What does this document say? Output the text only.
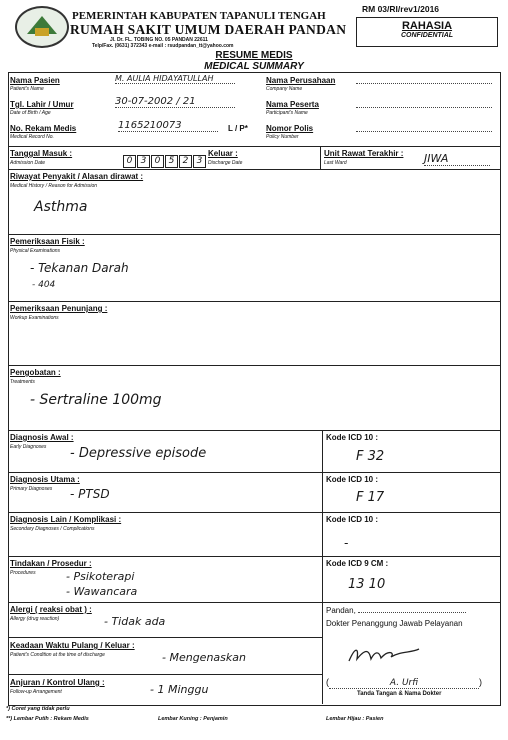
PEMERINTAH KABUPATEN TAPANULI TENGAH
RUMAH SAKIT UMUM DAERAH PANDAN
Jl. Dr. FL. TOBING NO. 05 PANDAN 22611
Telp/Fax. (0631) 372343 e-mail : rsudpandan_tt@yahoo.com
RM 03/RI/rev1/2016
RAHASIA
CONFIDENTIAL
RESUME MEDIS
MEDICAL SUMMARY
Nama Pasien
Patient's Name
M. AULIA HIDAYATULLAH
Tgl. Lahir / Umur
Date of Birth / Age
30-07-2002 / 21
No. Rekam Medis
Medical Record No.
1165210073	L / P*
Nama Perusahaan
Company Name
Nama Peserta
Participant's Name
Nomor Polis
Policy Number
Tanggal Masuk :
Admission Date	0 3 0 5 2 3
Keluar :
Discharge Date
Unit Rawat Terakhir :
Last Ward	JIWA
Riwayat Penyakit / Alasan dirawat :
Medical History / Reason for Admission
Asthma
Pemeriksaan Fisik :
Physical Examinations
- Tekanan Darah
- 404
Pemeriksaan Penunjang :
Workup Examinations
Pengobatan :
Treatments
- Sertraline 100mg
Diagnosis Awal :
Early Diagnoses - Depressive episode
Kode ICD 10 :
F 32
Diagnosis Utama :
Primary Diagnoses - PTSD
Kode ICD 10 :
F 17
Diagnosis Lain / Komplikasi :
Secondary Diagnoses / Complications
Kode ICD 10 :
-
Tindakan / Prosedur :
Procedures	- Psikoterapi
- Wawancara
Kode ICD 9 CM :
13 10
Alergi ( reaksi obat ) :
Allergy (drug reaction)	- Tidak ada
Keadaan Waktu Pulang / Keluar :
Patient's Condition at the time of discharge	- Mengenaskan
Anjuran / Kontrol Ulang :
Follow-up Arrangement	- 1 Minggu
Pandan,
Dokter Penanggung Jawab Pelayanan
(	A. Urfi	)
Tanda Tangan & Nama Dokter
*) Coret yang tidak perlu
**) Lembar Putih : Rekam Medis	Lembar Kuning : Penjamin	Lembar Hijau : Pasien
